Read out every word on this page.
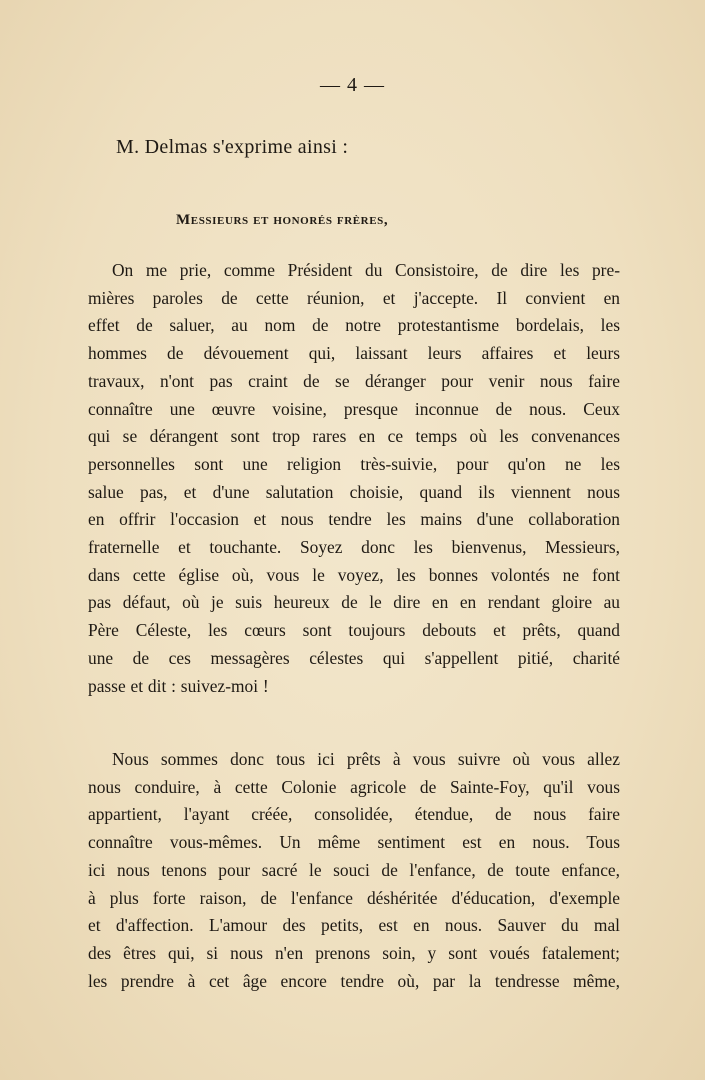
— 4 —
M. Delmas s'exprime ainsi :
Messieurs et honorés frères,
On me prie, comme Président du Consistoire, de dire les pre-
mières paroles de cette réunion, et j'accepte. Il convient en
effet de saluer, au nom de notre protestantisme bordelais, les
hommes de dévouement qui, laissant leurs affaires et leurs
travaux, n'ont pas craint de se déranger pour venir nous faire
connaître une œuvre voisine, presque inconnue de nous. Ceux
qui se dérangent sont trop rares en ce temps où les convenances
personnelles sont une religion très-suivie, pour qu'on ne les
salue pas, et d'une salutation choisie, quand ils viennent nous
en offrir l'occasion et nous tendre les mains d'une collaboration
fraternelle et touchante. Soyez donc les bienvenus, Messieurs,
dans cette église où, vous le voyez, les bonnes volontés ne font
pas défaut, où je suis heureux de le dire en en rendant gloire au
Père Céleste, les cœurs sont toujours debouts et prêts, quand
une de ces messagères célestes qui s'appellent pitié, charité
passe et dit : suivez-moi !
Nous sommes donc tous ici prêts à vous suivre où vous allez
nous conduire, à cette Colonie agricole de Sainte-Foy, qu'il vous
appartient, l'ayant créée, consolidée, étendue, de nous faire
connaître vous-mêmes. Un même sentiment est en nous. Tous
ici nous tenons pour sacré le souci de l'enfance, de toute enfance,
à plus forte raison, de l'enfance déshéritée d'éducation, d'exemple
et d'affection. L'amour des petits, est en nous. Sauver du mal
des êtres qui, si nous n'en prenons soin, y sont voués fatalement;
les prendre à cet âge encore tendre où, par la tendresse même,
